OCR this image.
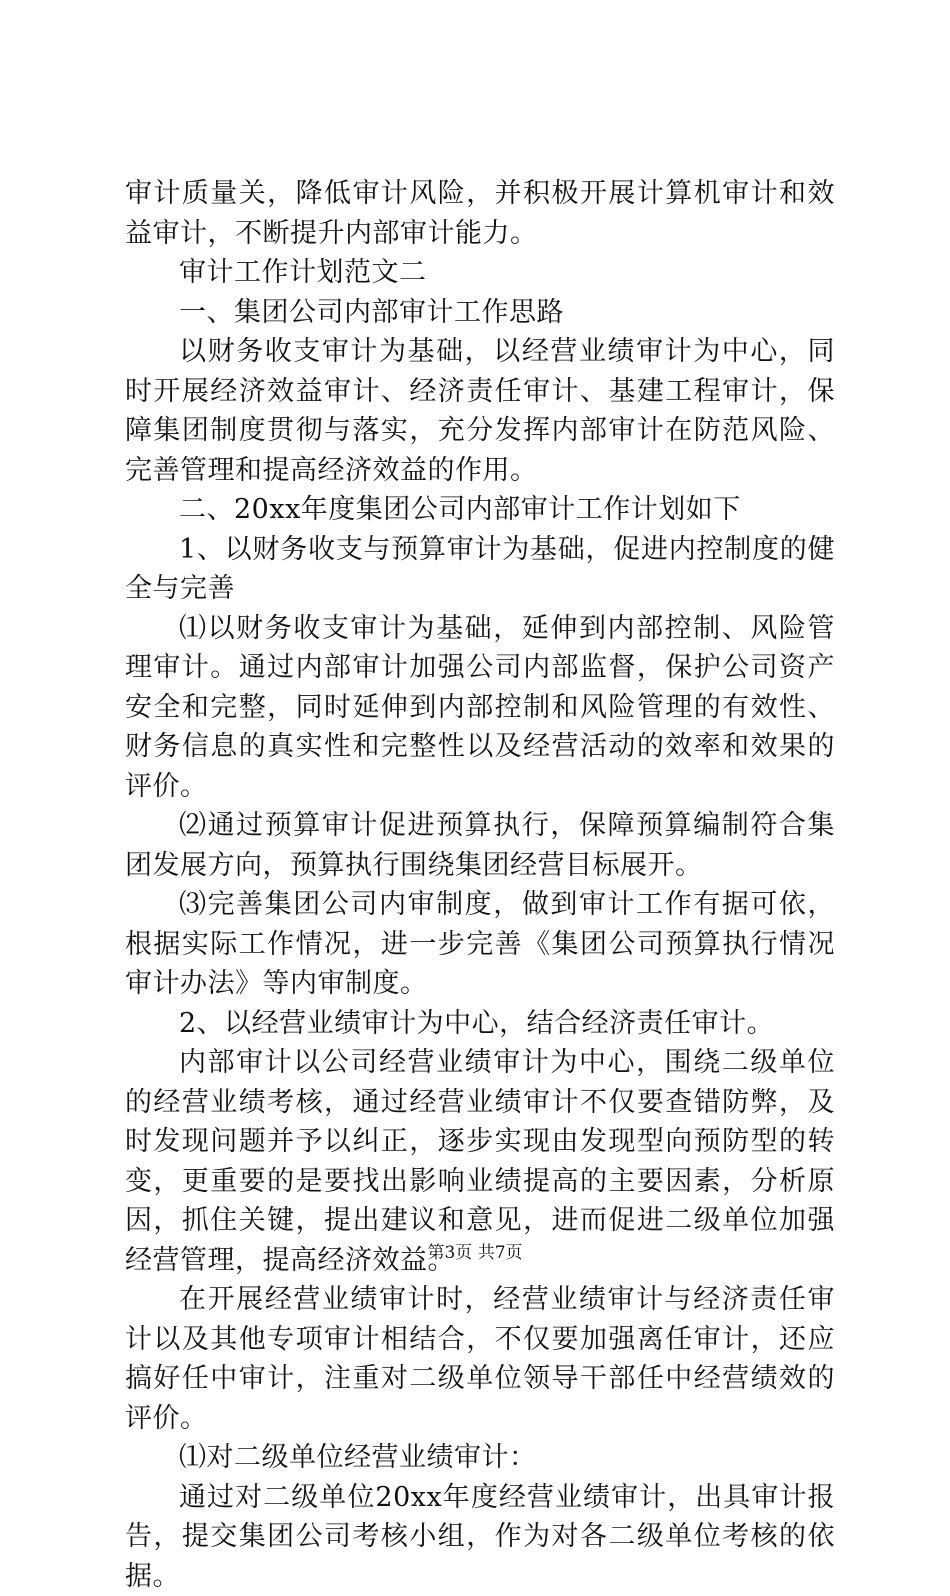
审计质量关，降低审计风险，并积极开展计算机审计和效益审计，不断提升内部审计能力。

审计工作计划范文二

一、集团公司内部审计工作思路

以财务收支审计为基础，以经营业绩审计为中心，同时开展经济效益审计、经济责任审计、基建工程审计，保障集团制度贯彻与落实，充分发挥内部审计在防范风险、完善管理和提高经济效益的作用。

二、20xx年度集团公司内部审计工作计划如下

1、以财务收支与预算审计为基础，促进内控制度的健全与完善

⑴以财务收支审计为基础，延伸到内部控制、风险管理审计。通过内部审计加强公司内部监督，保护公司资产安全和完整，同时延伸到内部控制和风险管理的有效性、财务信息的真实性和完整性以及经营活动的效率和效果的评价。

⑵通过预算审计促进预算执行，保障预算编制符合集团发展方向，预算执行围绕集团经营目标展开。

⑶完善集团公司内审制度，做到审计工作有据可依，根据实际工作情况，进一步完善《集团公司预算执行情况审计办法》等内审制度。

2、以经营业绩审计为中心，结合经济责任审计。

内部审计以公司经营业绩审计为中心，围绕二级单位的经营业绩考核，通过经营业绩审计不仅要查错防弊，及时发现问题并予以纠正，逐步实现由发现型向预防型的转变，更重要的是要找出影响业绩提高的主要因素，分析原因，抓住关键，提出建议和意见，进而促进二级单位加强经营管理，提高经济效益。

在开展经营业绩审计时，经营业绩审计与经济责任审计以及其他专项审计相结合，不仅要加强离任审计，还应搞好任中审计，注重对二级单位领导干部任中经营绩效的评价。

⑴对二级单位经营业绩审计：

通过对二级单位20xx年度经营业绩审计，出具审计报告，提交集团公司考核小组，作为对各二级单位考核的依据。

第3页 共7页
